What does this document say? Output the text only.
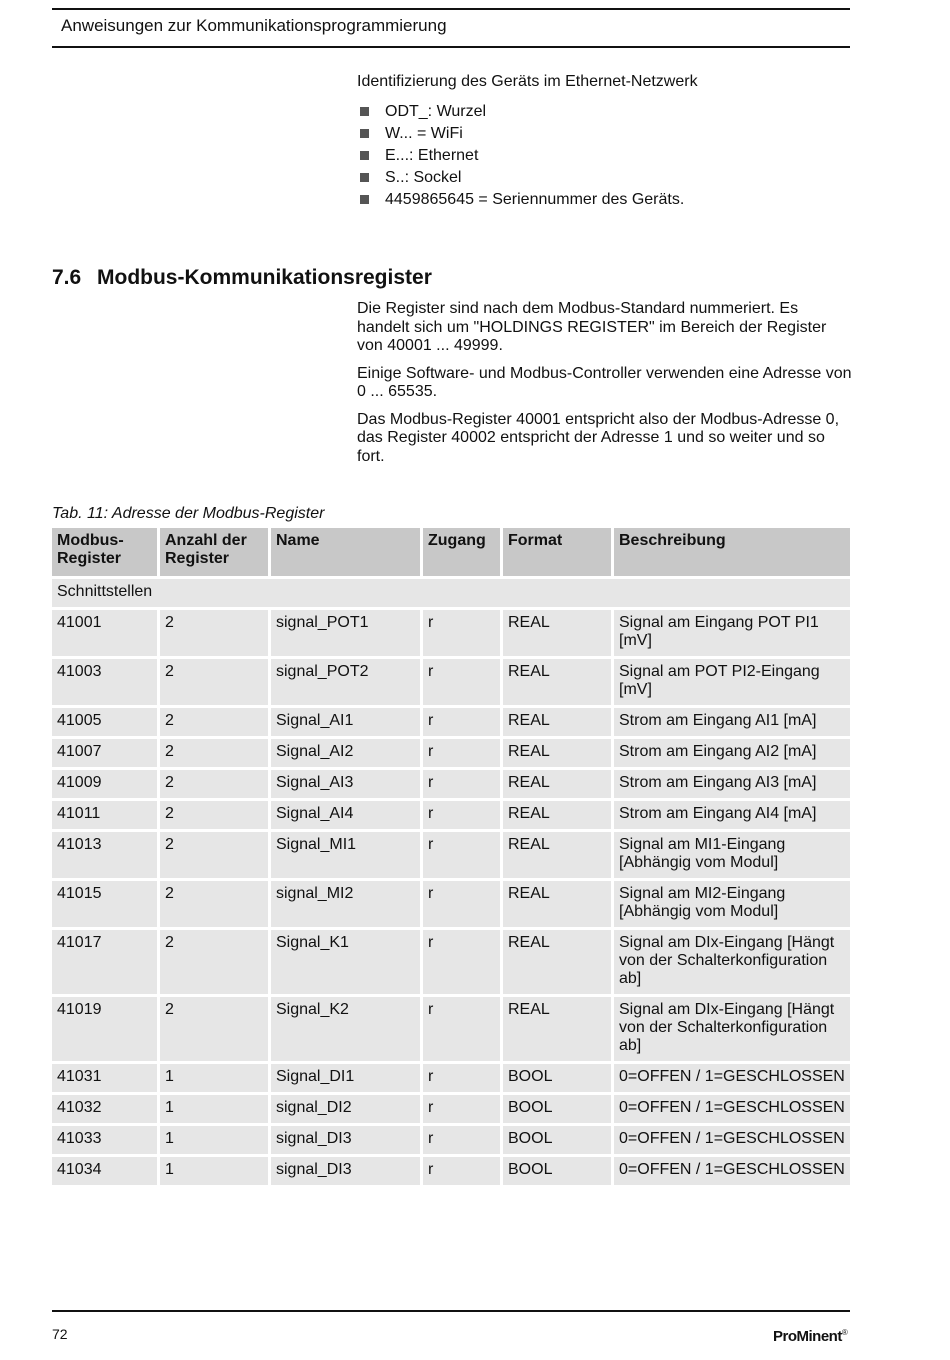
Anweisungen zur Kommunikationsprogrammierung

Identifizierung des Geräts im Ethernet-Netzwerk

ODT_: Wurzel
W... = WiFi
E...: Ethernet
S..: Sockel
4459865645 = Seriennummer des Geräts.
7.6 Modbus-Kommunikationsregister

Die Register sind nach dem Modbus-Standard nummeriert. Es handelt sich um "HOLDINGS REGISTER" im Bereich der Register von 40001 ... 49999.

Einige Software- und Modbus-Controller verwenden eine Adresse von 0 ... 65535.

Das Modbus-Register 40001 entspricht also der Modbus-Adresse 0, das Register 40002 entspricht der Adresse 1 und so weiter und so fort.

Tab. 11: Adresse der Modbus-Register
Modbus-Register	Anzahl der Register	Name	Zugang	Format	Beschreibung
Schnittstellen					
41001	2	signal_POT1	r	REAL	Signal am Eingang POT PI1 [mV]
41003	2	signal_POT2	r	REAL	Signal am POT PI2-Eingang [mV]
41005	2	Signal_AI1	r	REAL	Strom am Eingang AI1 [mA]
41007	2	Signal_AI2	r	REAL	Strom am Eingang AI2 [mA]
41009	2	Signal_AI3	r	REAL	Strom am Eingang AI3 [mA]
41011	2	Signal_AI4	r	REAL	Strom am Eingang AI4 [mA]
41013	2	Signal_MI1	r	REAL	Signal am MI1-Eingang [Abhängig vom Modul]
41015	2	signal_MI2	r	REAL	Signal am MI2-Eingang [Abhängig vom Modul]
41017	2	Signal_K1	r	REAL	Signal am DIx-Eingang [Hängt von der Schalterkonfiguration ab]
41019	2	Signal_K2	r	REAL	Signal am DIx-Eingang [Hängt von der Schalterkonfiguration ab]
41031	1	Signal_DI1	r	BOOL	0=OFFEN / 1=GESCHLOSSEN
41032	1	signal_DI2	r	BOOL	0=OFFEN / 1=GESCHLOSSEN
41033	1	signal_DI3	r	BOOL	0=OFFEN / 1=GESCHLOSSEN
41034	1	signal_DI3	r	BOOL	0=OFFEN / 1=GESCHLOSSEN
72	ProMinent®
